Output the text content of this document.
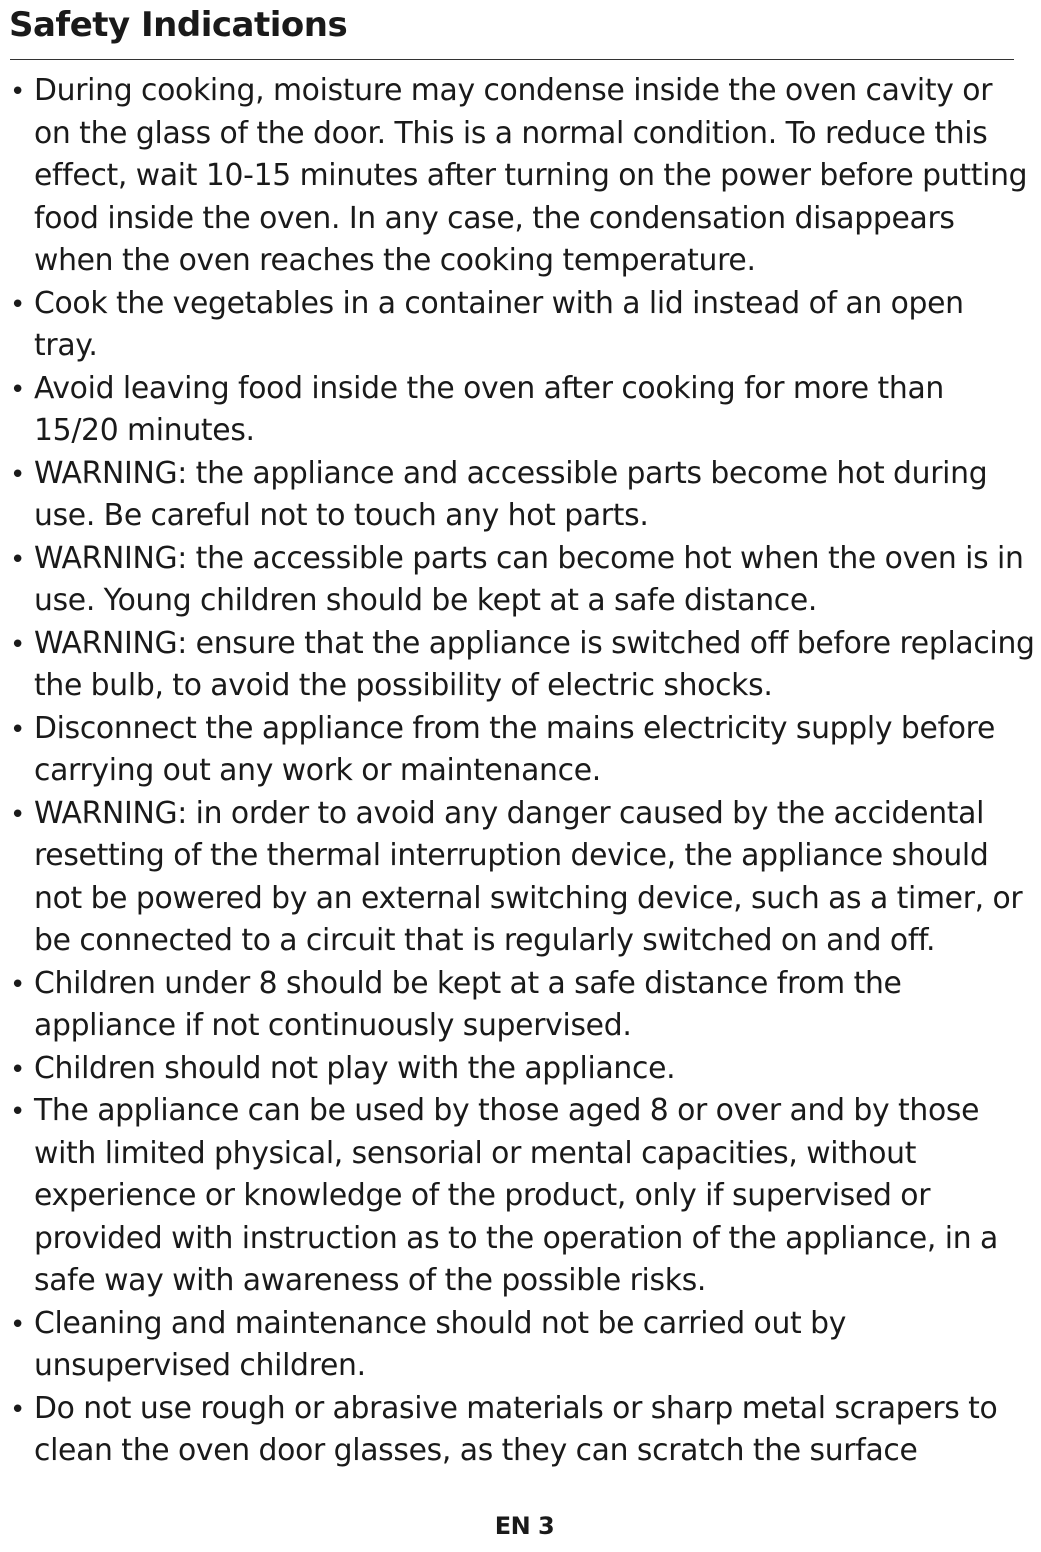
Safety Indications
• During cooking, moisture may condense inside the oven cavity or on the glass of the door. This is a normal condition. To reduce this effect, wait 10-15 minutes after turning on the power before putting food inside the oven. In any case, the condensation disappears when the oven reaches the cooking temperature.
• Cook the vegetables in a container with a lid instead of an open tray.
• Avoid leaving food inside the oven after cooking for more than 15/20 minutes.
• WARNING: the appliance and accessible parts become hot during use. Be careful not to touch any hot parts.
• WARNING: the accessible parts can become hot when the oven is in use. Young children should be kept at a safe distance.
• WARNING: ensure that the appliance is switched off before replacing the bulb, to avoid the possibility of electric shocks.
• Disconnect the appliance from the mains electricity supply before carrying out any work or maintenance.
• WARNING: in order to avoid any danger caused by the accidental resetting of the thermal interruption device, the appliance should not be powered by an external switching device, such as a timer, or be connected to a circuit that is regularly switched on and off.
• Children under 8 should be kept at a safe distance from the appliance if not continuously supervised.
• Children should not play with the appliance.
• The appliance can be used by those aged 8 or over and by those with limited physical, sensorial or mental capacities, without experience or knowledge of the product, only if supervised or provided with instruction as to the operation of the appliance, in a safe way with awareness of the possible risks.
• Cleaning and maintenance should not be carried out by unsupervised children.
• Do not use rough or abrasive materials or sharp metal scrapers to clean the oven door glasses, as they can scratch the surface
EN 3
